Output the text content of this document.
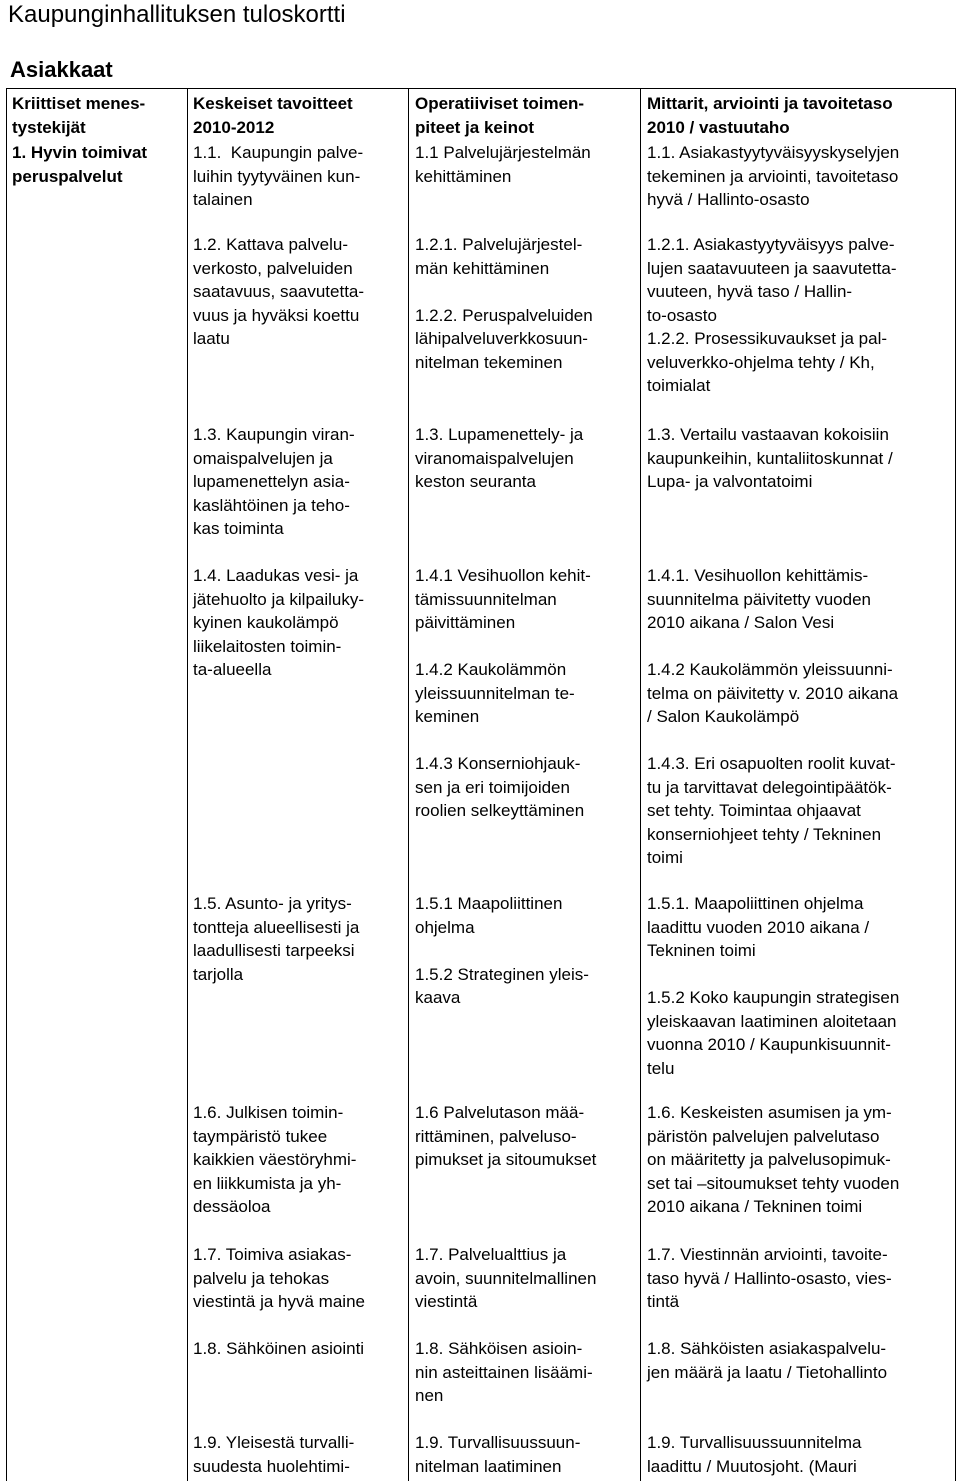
Kaupunginhallituksen tuloskortti
Asiakkaat
Kriittiset menes-
tystekijät
Keskeiset tavoitteet
2010-2012
Operatiiviset toimen-
piteet ja keinot
Mittarit, arviointi ja tavoitetaso
2010 / vastuutaho
1. Hyvin toimivat
peruspalvelut
1.1.  Kaupungin palve-
luihin tyytyväinen kun-
talainen
1.1 Palvelujärjestelmän
kehittäminen
1.1. Asiakastyytyväisyyskyselyjen
tekeminen ja arviointi, tavoitetaso
hyvä / Hallinto-osasto
1.2. Kattava palvelu-
verkosto, palveluiden
saatavuus, saavutetta-
vuus ja hyväksi koettu
laatu
1.2.1. Palvelujärjestel-
män kehittäminen

1.2.2. Peruspalveluiden
lähipalveluverkkosuun-
nitelman tekeminen
1.2.1. Asiakastyytyväisyys palve-
lujen saatavuuteen ja saavutetta-
vuuteen, hyvä taso / Hallin-
to-osasto
1.2.2. Prosessikuvaukset ja pal-
veluverkko-ohjelma tehty / Kh,
toimialat
1.3. Kaupungin viran-
omaispalvelujen ja
lupamenettelyn asia-
kaslähtöinen ja teho-
kas toiminta
1.3. Lupamenettely- ja
viranomaispalvelujen
keston seuranta
1.3. Vertailu vastaavan kokoisiin
kaupunkeihin, kuntaliitoskunnat /
Lupa- ja valvontatoimi
1.4. Laadukas vesi- ja
jätehuolto ja kilpailuky-
kyinen kaukolämpö
liikelaitosten toimin-
ta-alueella
1.4.1 Vesihuollon kehit-
tämissuunnitelman
päivittäminen

1.4.2 Kaukolämmön
yleissuunnitelman te-
keminen

1.4.3 Konserniohjauk-
sen ja eri toimijoiden
roolien selkeyttäminen
1.4.1. Vesihuollon kehittämis-
suunnitelma päivitetty vuoden
2010 aikana / Salon Vesi

1.4.2 Kaukolämmön yleissuunni-
telma on päivitetty v. 2010 aikana
/ Salon Kaukolämpö

1.4.3. Eri osapuolten roolit kuvat-
tu ja tarvittavat delegointipäätök-
set tehty. Toimintaa ohjaavat
konserniohjeet tehty / Tekninen
toimi
1.5. Asunto- ja yritys-
tontteja alueellisesti ja
laadullisesti tarpeeksi
tarjolla
1.5.1 Maapoliittinen
ohjelma

1.5.2 Strateginen yleis-
kaava
1.5.1. Maapoliittinen ohjelma
laadittu vuoden 2010 aikana /
Tekninen toimi

1.5.2 Koko kaupungin strategisen
yleiskaavan laatiminen aloitetaan
vuonna 2010 / Kaupunkisuunnit-
telu
1.6. Julkisen toimin-
taympäristö tukee
kaikkien väestöryhmi-
en liikkumista ja yh-
dessäoloa
1.6 Palvelutason mää-
rittäminen, palveluso-
pimukset ja sitoumukset
1.6. Keskeisten asumisen ja ym-
päristön palvelujen palvelutaso
on määritetty ja palvelusopimuk-
set tai –sitoumukset tehty vuoden
2010 aikana / Tekninen toimi
1.7. Toimiva asiakas-
palvelu ja tehokas
viestintä ja hyvä maine
1.7. Palvelualttius ja
avoin, suunnitelmallinen
viestintä
1.7. Viestinnän arviointi, tavoite-
taso hyvä / Hallinto-osasto, vies-
tintä
1.8. Sähköinen asiointi	1.8. Sähköisen asioin-
nin asteittainen lisäämi-
nen
1.8. Sähköisten asiakaspalvelu-
jen määrä ja laatu / Tietohallinto
1.9. Yleisestä turvalli-
suudesta huolehtimi-
1.9. Turvallisuussuun-
nitelman laatiminen
1.9. Turvallisuussuunnitelma
laadittu / Muutosjoht. (Mauri
